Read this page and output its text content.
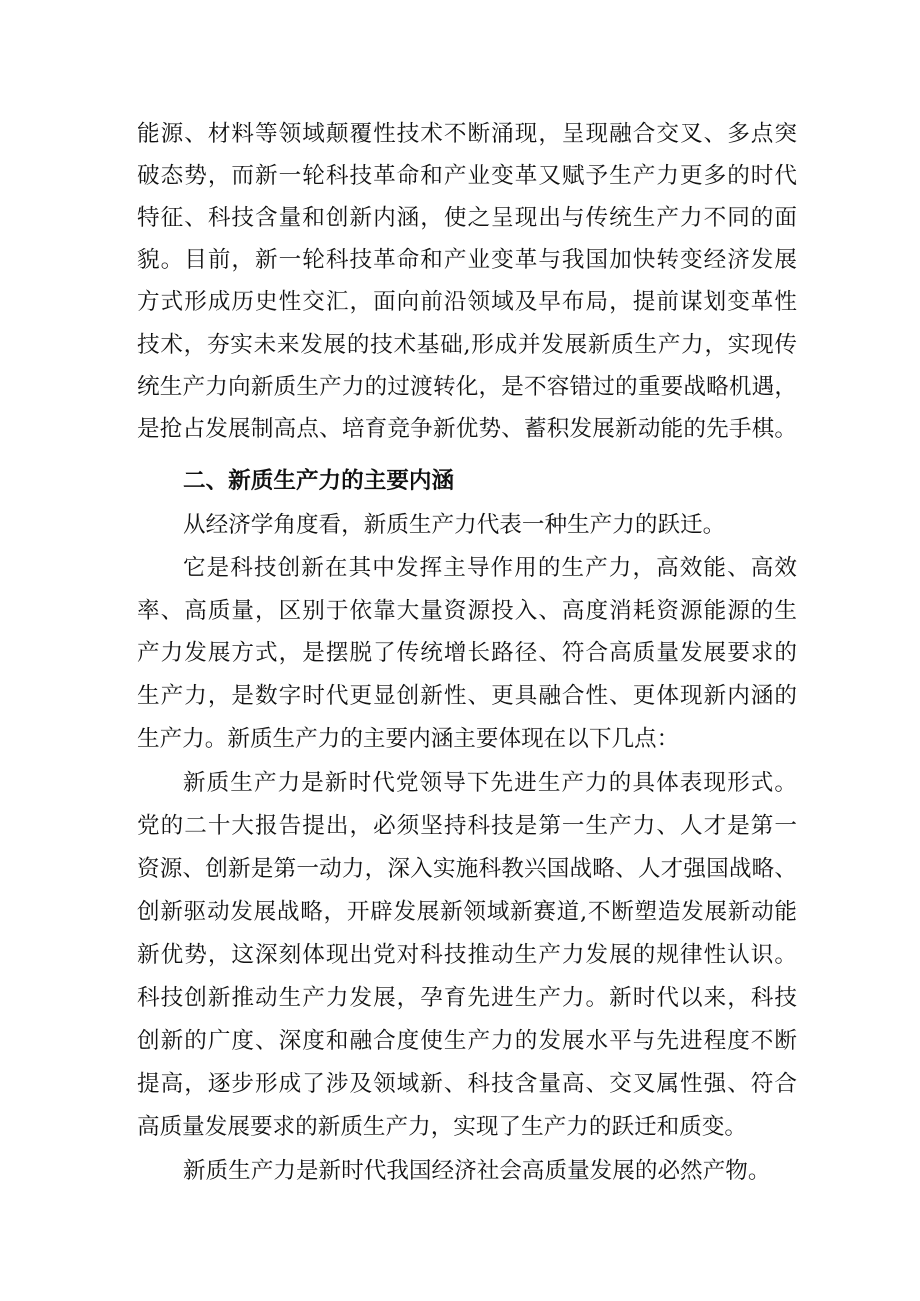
能源、材料等领域颠覆性技术不断涌现，呈现融合交叉、多点突
破态势，而新一轮科技革命和产业变革又赋予生产力更多的时代
特征、科技含量和创新内涵，使之呈现出与传统生产力不同的面
貌。目前，新一轮科技革命和产业变革与我国加快转变经济发展
方式形成历史性交汇，面向前沿领域及早布局，提前谋划变革性
技术，夯实未来发展的技术基础,形成并发展新质生产力，实现传
统生产力向新质生产力的过渡转化，是不容错过的重要战略机遇，
是抢占发展制高点、培育竞争新优势、蓄积发展新动能的先手棋。
二、新质生产力的主要内涵
从经济学角度看，新质生产力代表一种生产力的跃迁。
它是科技创新在其中发挥主导作用的生产力，高效能、高效
率、高质量，区别于依靠大量资源投入、高度消耗资源能源的生
产力发展方式，是摆脱了传统增长路径、符合高质量发展要求的
生产力，是数字时代更显创新性、更具融合性、更体现新内涵的
生产力。新质生产力的主要内涵主要体现在以下几点：
新质生产力是新时代党领导下先进生产力的具体表现形式。
党的二十大报告提出，必须坚持科技是第一生产力、人才是第一
资源、创新是第一动力，深入实施科教兴国战略、人才强国战略、
创新驱动发展战略，开辟发展新领域新赛道,不断塑造发展新动能
新优势，这深刻体现出党对科技推动生产力发展的规律性认识。
科技创新推动生产力发展，孕育先进生产力。新时代以来，科技
创新的广度、深度和融合度使生产力的发展水平与先进程度不断
提高，逐步形成了涉及领域新、科技含量高、交叉属性强、符合
高质量发展要求的新质生产力，实现了生产力的跃迁和质变。
新质生产力是新时代我国经济社会高质量发展的必然产物。
